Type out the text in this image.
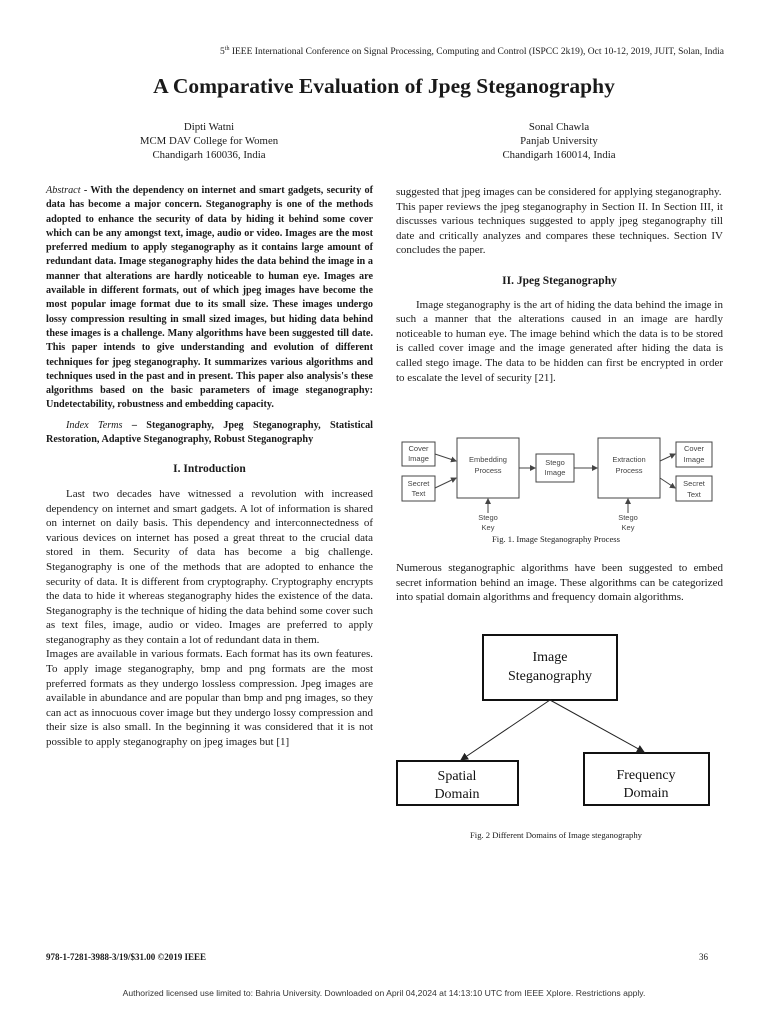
5th IEEE International Conference on Signal Processing, Computing and Control (ISPCC 2k19), Oct 10-12, 2019, JUIT, Solan, India
A Comparative Evaluation of Jpeg Steganography
Dipti Watni
MCM DAV College for Women
Chandigarh 160036, India
Sonal Chawla
Panjab University
Chandigarh 160014, India

Abstract - With the dependency on internet and smart gadgets, security of data has become a major concern. Steganography is one of the methods adopted to enhance the security of data by hiding it behind some cover which can be any amongst text, image, audio or video. Images are the most preferred medium to apply steganography as it contains large amount of redundant data. Image steganography hides the data behind the image in a manner that alterations are hardly noticeable to human eye. Images are available in different formats, out of which jpeg images have become the most popular image format due to its small size. These images undergo lossy compression resulting in small sized images, but hiding data behind these images is a challenge. Many algorithms have been suggested till date. This paper intends to give understanding and evolution of different techniques for jpeg steganography. It summarizes various algorithms and techniques used in the past and in present. This paper also analysis's these algorithms based on the basic parameters of image steganography: Undetectability, robustness and embedding capacity.

Index Terms – Steganography, Jpeg Steganography, Statistical Restoration, Adaptive Steganography, Robust Steganography

I. Introduction

Last two decades have witnessed a revolution with increased dependency on internet and smart gadgets. A lot of information is shared on internet on daily basis. This dependency and interconnectedness of various devices on internet has posed a great threat to the crucial data stored in them. Security of data has become a big challenge. Steganography is one of the methods that are adopted to enhance the security of data. It is different from cryptography. Cryptography encrypts the data to hide it whereas steganography hides the existence of the data. Steganography is the technique of hiding the data behind some cover such as text files, image, audio or video. Images are preferred to apply steganography as they contain a lot of redundant data in them.

Images are available in various formats. Each format has its own features. To apply image steganography, bmp and png formats are the most preferred formats as they undergo lossless compression. Jpeg images are available in abundance and are popular than bmp and png images, so they can act as innocuous cover image but they undergo lossy compression and their size is also small. In the beginning it was considered that it is not possible to apply steganography on jpeg images but [1]

suggested that jpeg images can be considered for applying steganography.

This paper reviews the jpeg steganography in Section II. In Section III, it discusses various techniques suggested to apply jpeg steganography till date and critically analyzes and compares these techniques. Section IV concludes the paper.

II. Jpeg Steganography

Image steganography is the art of hiding the data behind the image in such a manner that the alterations caused in an image are hardly noticeable to human eye. The image behind which the data is to be stored is called cover image and the image generated after hiding the data is called stego image. The data to be hidden can first be encrypted in order to escalate the level of security [21].

Cover
Image
Secret
Text
Embedding
Process
Stego
Image
Extraction
Process
Cover
Image
Secret
Text
Stego
Key
Stego
Key
Fig. 1. Image Steganography Process

Numerous steganographic algorithms have been suggested to embed secret information behind an image. These algorithms can be categorized into spatial domain algorithms and frequency domain algorithms.

Image
Steganography
Spatial
Domain
Frequency
Domain
Fig. 2 Different Domains of Image steganography
978-1-7281-3988-3/19/$31.00 ©2019 IEEE	36
Authorized licensed use limited to: Bahria University. Downloaded on April 04,2024 at 14:13:10 UTC from IEEE Xplore. Restrictions apply.
